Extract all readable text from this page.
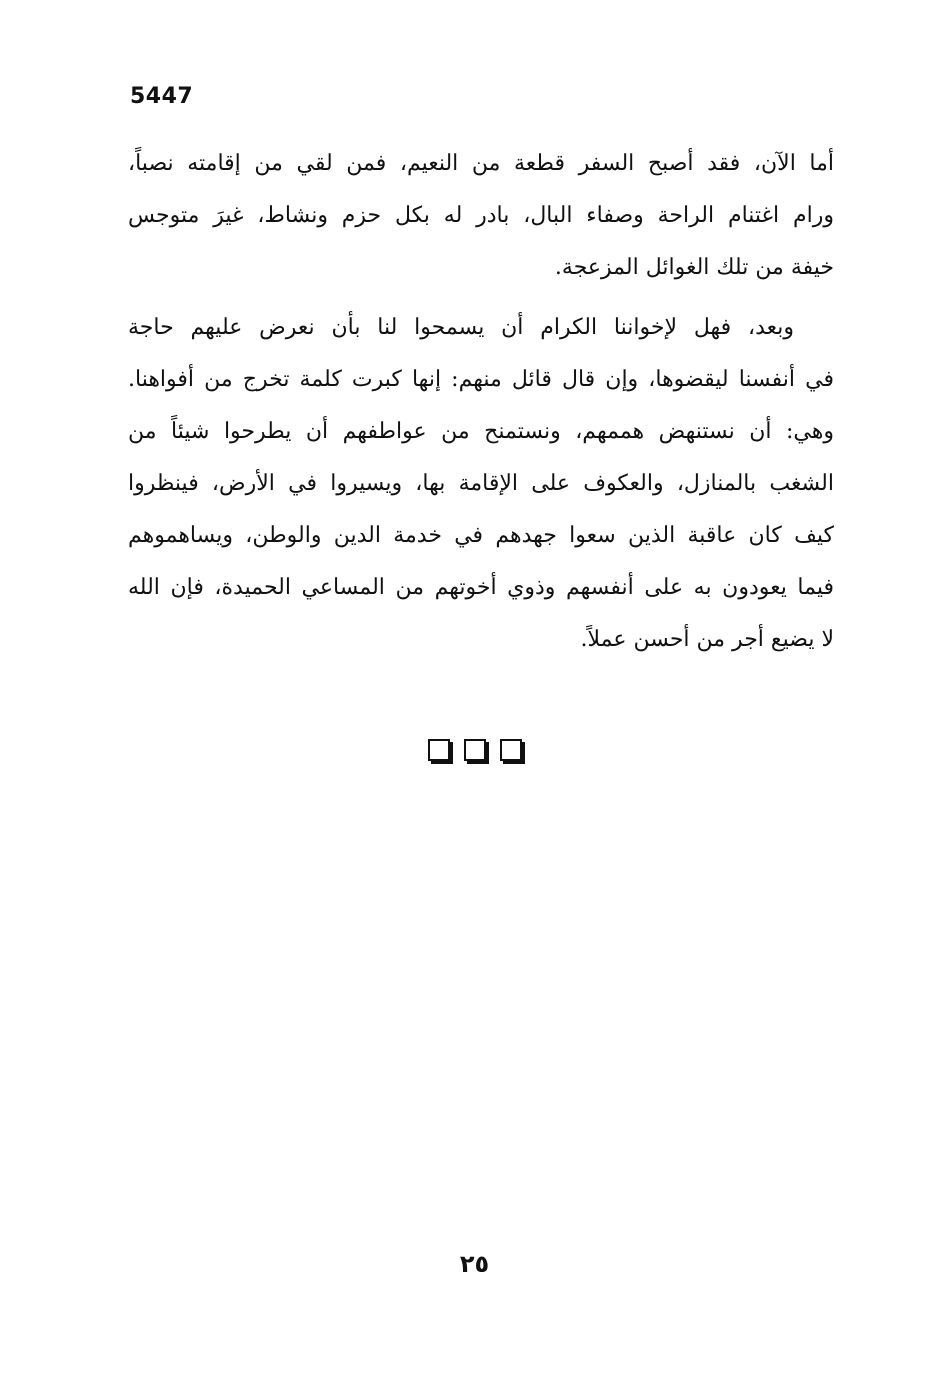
5447
أما الآن، فقد أصبح السفر قطعة من النعيم، فمن لقي من إقامته نصباً،
ورام اغتنام الراحة وصفاء البال، بادر له بكل حزم ونشاط، غيرَ متوجس
خيفة من تلك الغوائل المزعجة.
وبعد، فهل لإخواننا الكرام أن يسمحوا لنا بأن نعرض عليهم حاجة
في أنفسنا ليقضوها، وإن قال قائل منهم: إنها كبرت كلمة تخرج من أفواهنا.
وهي: أن نستنهض هممهم، ونستمنح من عواطفهم أن يطرحوا شيئاً من
الشغب بالمنازل، والعكوف على الإقامة بها، ويسيروا في الأرض، فينظروا
كيف كان عاقبة الذين سعوا جهدهم في خدمة الدين والوطن، ويساهموهم
فيما يعودون به على أنفسهم وذوي أخوتهم من المساعي الحميدة، فإن الله
لا يضيع أجر من أحسن عملاً.
٢٥
